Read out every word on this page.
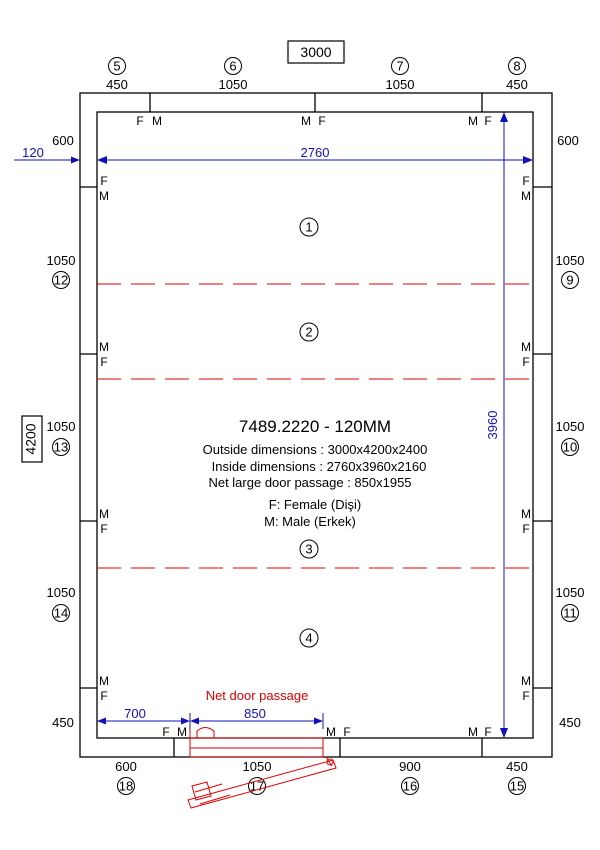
3000
4200
5
450
6
1050
7
1050
8
450
600
1050
9
1050
10
1050
11
450
600
1050
12
1050
13
1050
14
450
600
18
1050
17
900
16
450
15
1
2
3
4
F M	M F	M F
F
M
M
F
M
F
M
F
F
M
M
F
M
F
M
F
F M	M F	M F
120	2760
3960
700	850
Net door passage
7489.2220 - 120MM
Outside dimensions : 3000x4200x2400
Inside dimensions : 2760x3960x2160
Net large door passage : 850x1955
F: Female (Dişi)
M: Male (Erkek)
